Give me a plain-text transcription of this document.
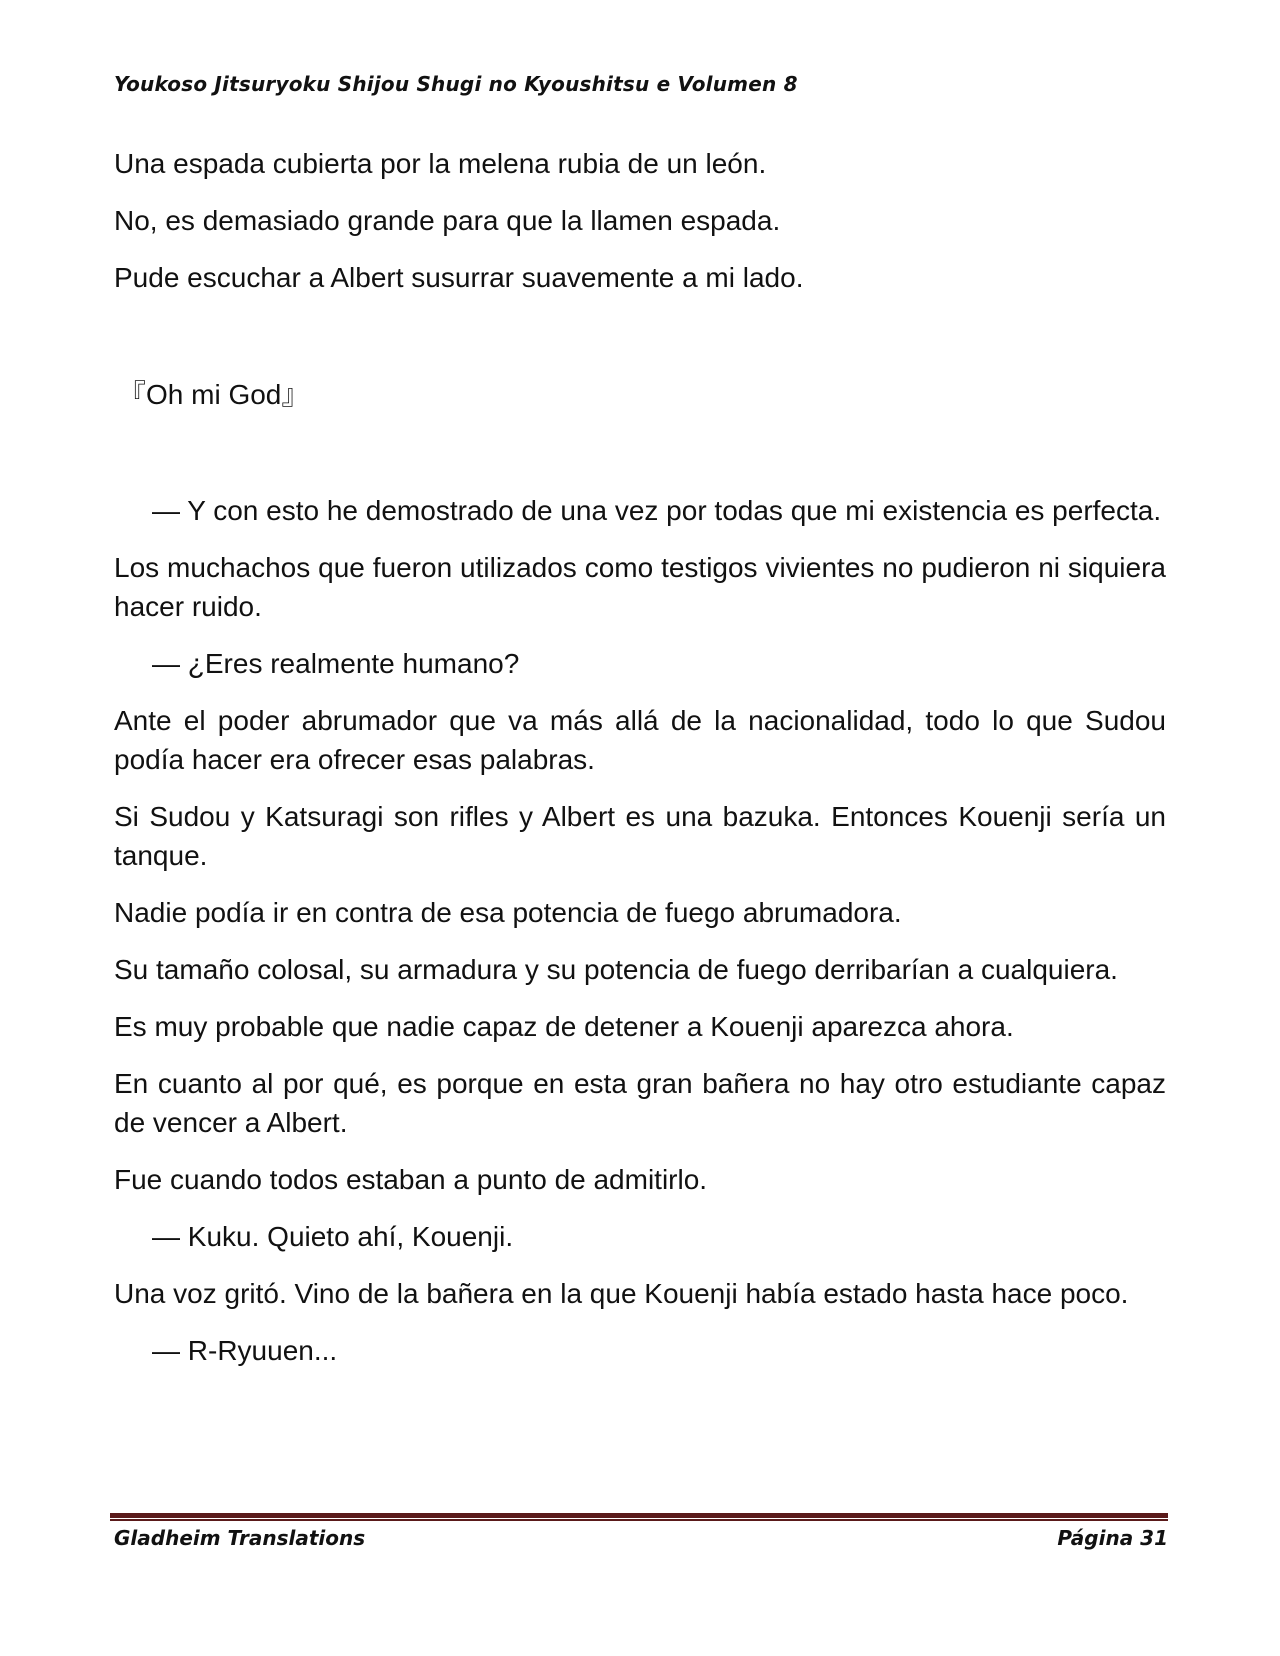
Youkoso Jitsuryoku Shijou Shugi no Kyoushitsu e Volumen 8

Una espada cubierta por la melena rubia de un león.

No, es demasiado grande para que la llamen espada.

Pude escuchar a Albert susurrar suavemente a mi lado.

『Oh mi God』

— Y con esto he demostrado de una vez por todas que mi existencia es perfecta.

Los muchachos que fueron utilizados como testigos vivientes no pudieron ni siquiera hacer ruido.

— ¿Eres realmente humano?

Ante el poder abrumador que va más allá de la nacionalidad, todo lo que Sudou podía hacer era ofrecer esas palabras.

Si Sudou y Katsuragi son rifles y Albert es una bazuka. Entonces Kouenji sería un tanque.

Nadie podía ir en contra de esa potencia de fuego abrumadora.

Su tamaño colosal, su armadura y su potencia de fuego derribarían a cualquiera.

Es muy probable que nadie capaz de detener a Kouenji aparezca ahora.

En cuanto al por qué, es porque en esta gran bañera no hay otro estudiante capaz de vencer a Albert.

Fue cuando todos estaban a punto de admitirlo.

— Kuku. Quieto ahí, Kouenji.

Una voz gritó. Vino de la bañera en la que Kouenji había estado hasta hace poco.

— R-Ryuuen...

Gladheim Translations	Página 31
